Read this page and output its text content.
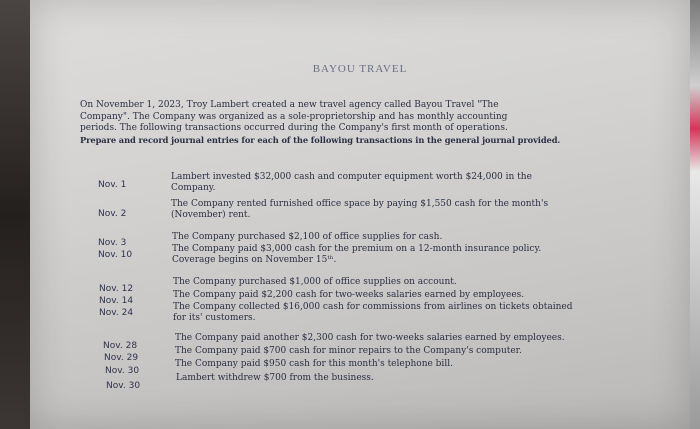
BAYOU TRAVEL

On November 1, 2023, Troy Lambert created a new travel agency called Bayou Travel "The

Company". The Company was organized as a sole-proprietorship and has monthly accounting

periods. The following transactions occurred during the Company's first month of operations.

Prepare and record journal entries for each of the following transactions in the general journal provided.

Nov. 1
Lambert invested $32,000 cash and computer equipment worth $24,000 in the
Company.
Nov. 2
The Company rented furnished office space by paying $1,550 cash for the month's
(November) rent.
Nov. 3
The Company purchased $2,100 of office supplies for cash.
Nov. 10
The Company paid $3,000 cash for the premium on a 12-month insurance policy.
Coverage begins on November 15ᵗʰ.
Nov. 12
The Company purchased $1,000 of office supplies on account.
Nov. 14
The Company paid $2,200 cash for two-weeks salaries earned by employees.
Nov. 24
The Company collected $16,000 cash for commissions from airlines on tickets obtained
for its' customers.
Nov. 28
The Company paid another $2,300 cash for two-weeks salaries earned by employees.
Nov. 29
The Company paid $700 cash for minor repairs to the Company's computer.
Nov. 30
The Company paid $950 cash for this month's telephone bill.
Nov. 30
Lambert withdrew $700 from the business.
